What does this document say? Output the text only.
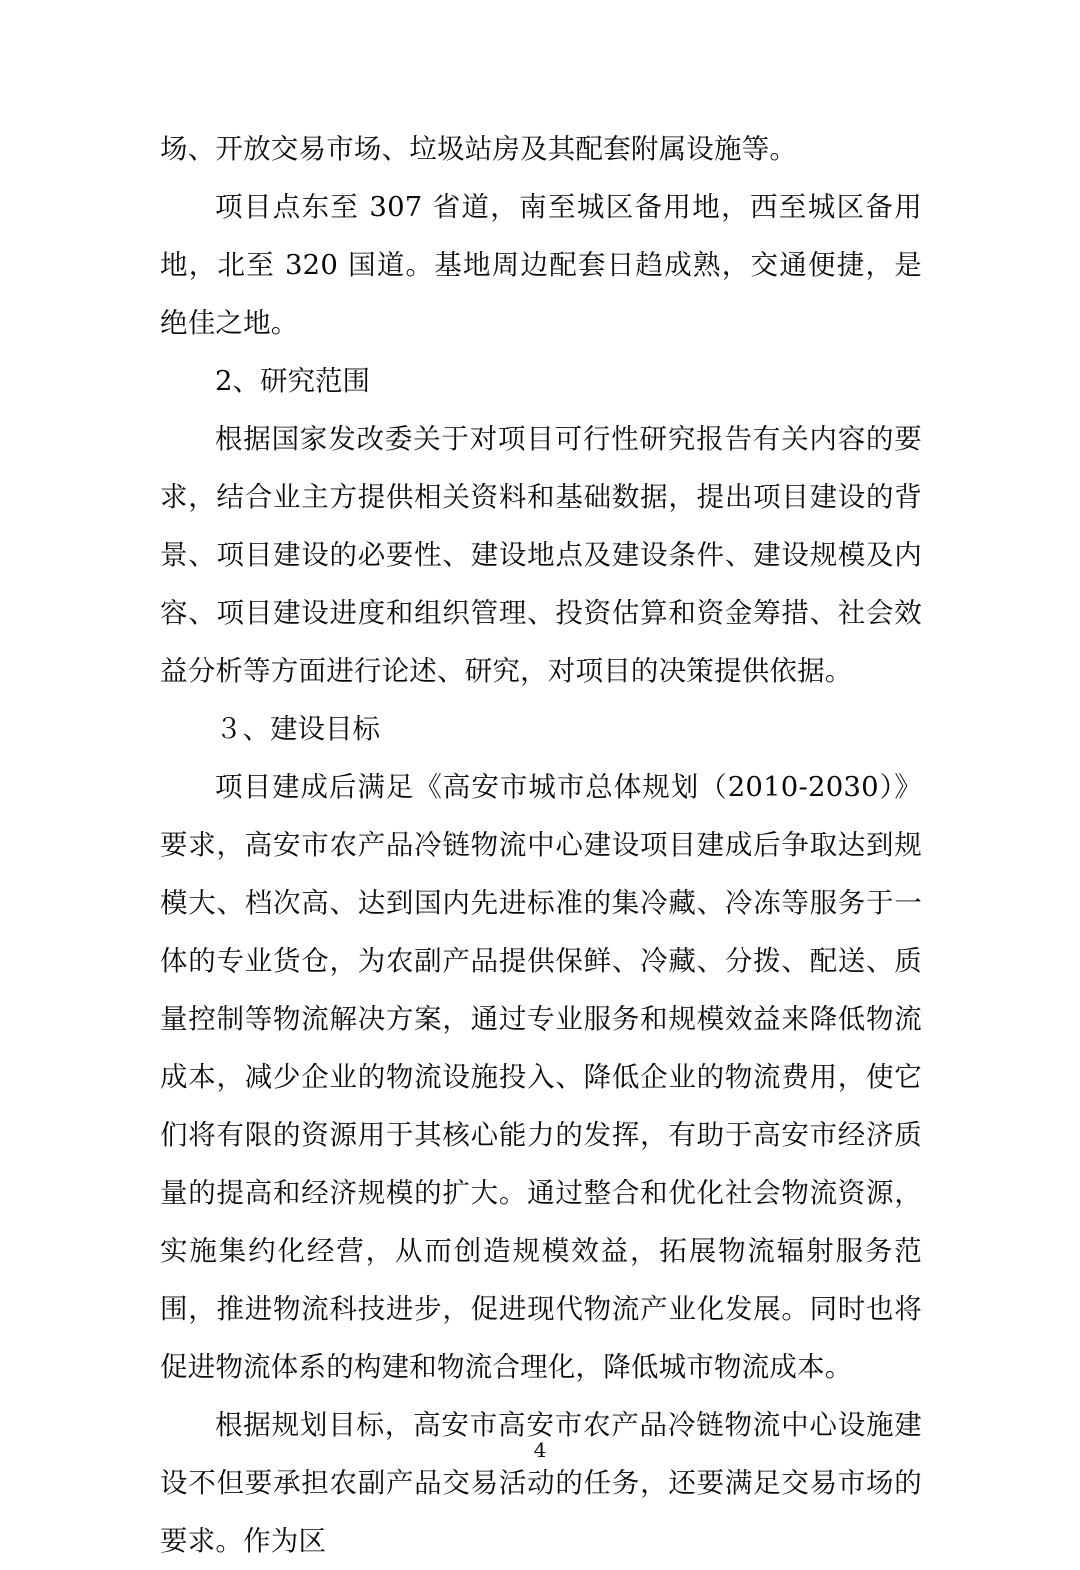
场、开放交易市场、垃圾站房及其配套附属设施等。

项目点东至 307 省道，南至城区备用地，西至城区备用地，北至 320 国道。基地周边配套日趋成熟，交通便捷，是绝佳之地。

2、研究范围

根据国家发改委关于对项目可行性研究报告有关内容的要求，结合业主方提供相关资料和基础数据，提出项目建设的背景、项目建设的必要性、建设地点及建设条件、建设规模及内容、项目建设进度和组织管理、投资估算和资金筹措、社会效益分析等方面进行论述、研究，对项目的决策提供依据。

３、建设目标

项目建成后满足《高安市城市总体规划（2010-2030）》要求，高安市农产品冷链物流中心建设项目建成后争取达到规模大、档次高、达到国内先进标准的集冷藏、冷冻等服务于一体的专业货仓，为农副产品提供保鲜、冷藏、分拨、配送、质量控制等物流解决方案，通过专业服务和规模效益来降低物流成本，减少企业的物流设施投入、降低企业的物流费用，使它们将有限的资源用于其核心能力的发挥，有助于高安市经济质量的提高和经济规模的扩大。通过整合和优化社会物流资源，实施集约化经营，从而创造规模效益，拓展物流辐射服务范围，推进物流科技进步，促进现代物流产业化发展。同时也将促进物流体系的构建和物流合理化，降低城市物流成本。

根据规划目标，高安市高安市农产品冷链物流中心设施建设不但要承担农副产品交易活动的任务，还要满足交易市场的要求。作为区

4
